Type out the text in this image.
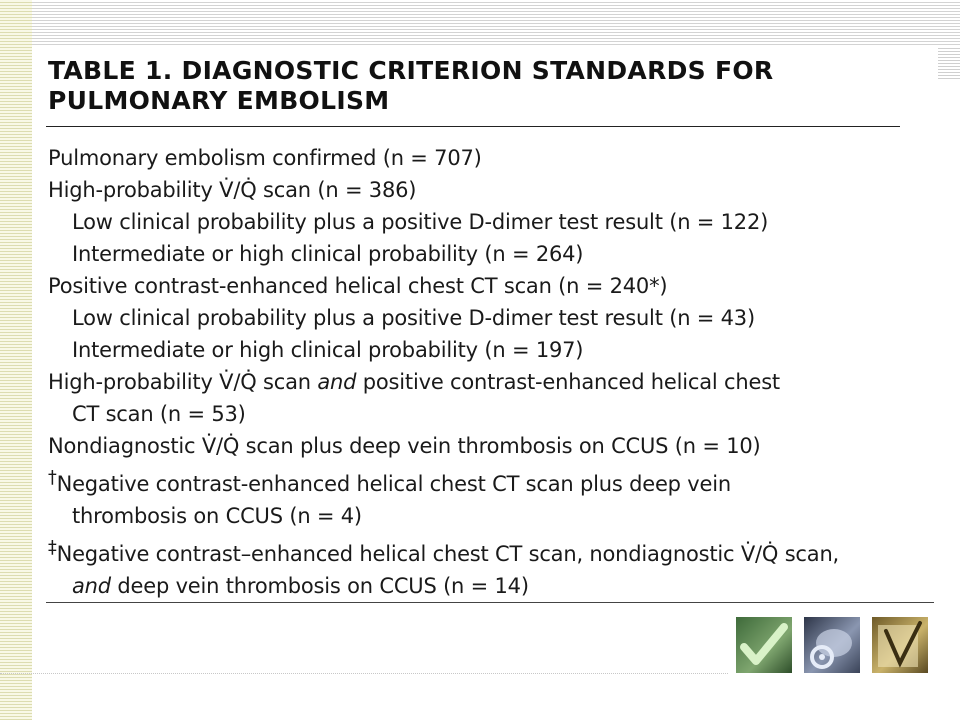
TABLE 1. DIAGNOSTIC CRITERION STANDARDS FOR
PULMONARY EMBOLISM
Pulmonary embolism confirmed (n = 707)
High-probability V̇/Q̇ scan (n = 386)
Low clinical probability plus a positive D-dimer test result (n = 122)
Intermediate or high clinical probability (n = 264)
Positive contrast-enhanced helical chest CT scan (n = 240*)
Low clinical probability plus a positive D-dimer test result (n = 43)
Intermediate or high clinical probability (n = 197)
High-probability V̇/Q̇ scan and positive contrast-enhanced helical chest
CT scan (n = 53)
Nondiagnostic V̇/Q̇ scan plus deep vein thrombosis on CCUS (n = 10)
†Negative contrast-enhanced helical chest CT scan plus deep vein
thrombosis on CCUS (n = 4)
‡Negative contrast–enhanced helical chest CT scan, nondiagnostic V̇/Q̇ scan,
and deep vein thrombosis on CCUS (n = 14)
